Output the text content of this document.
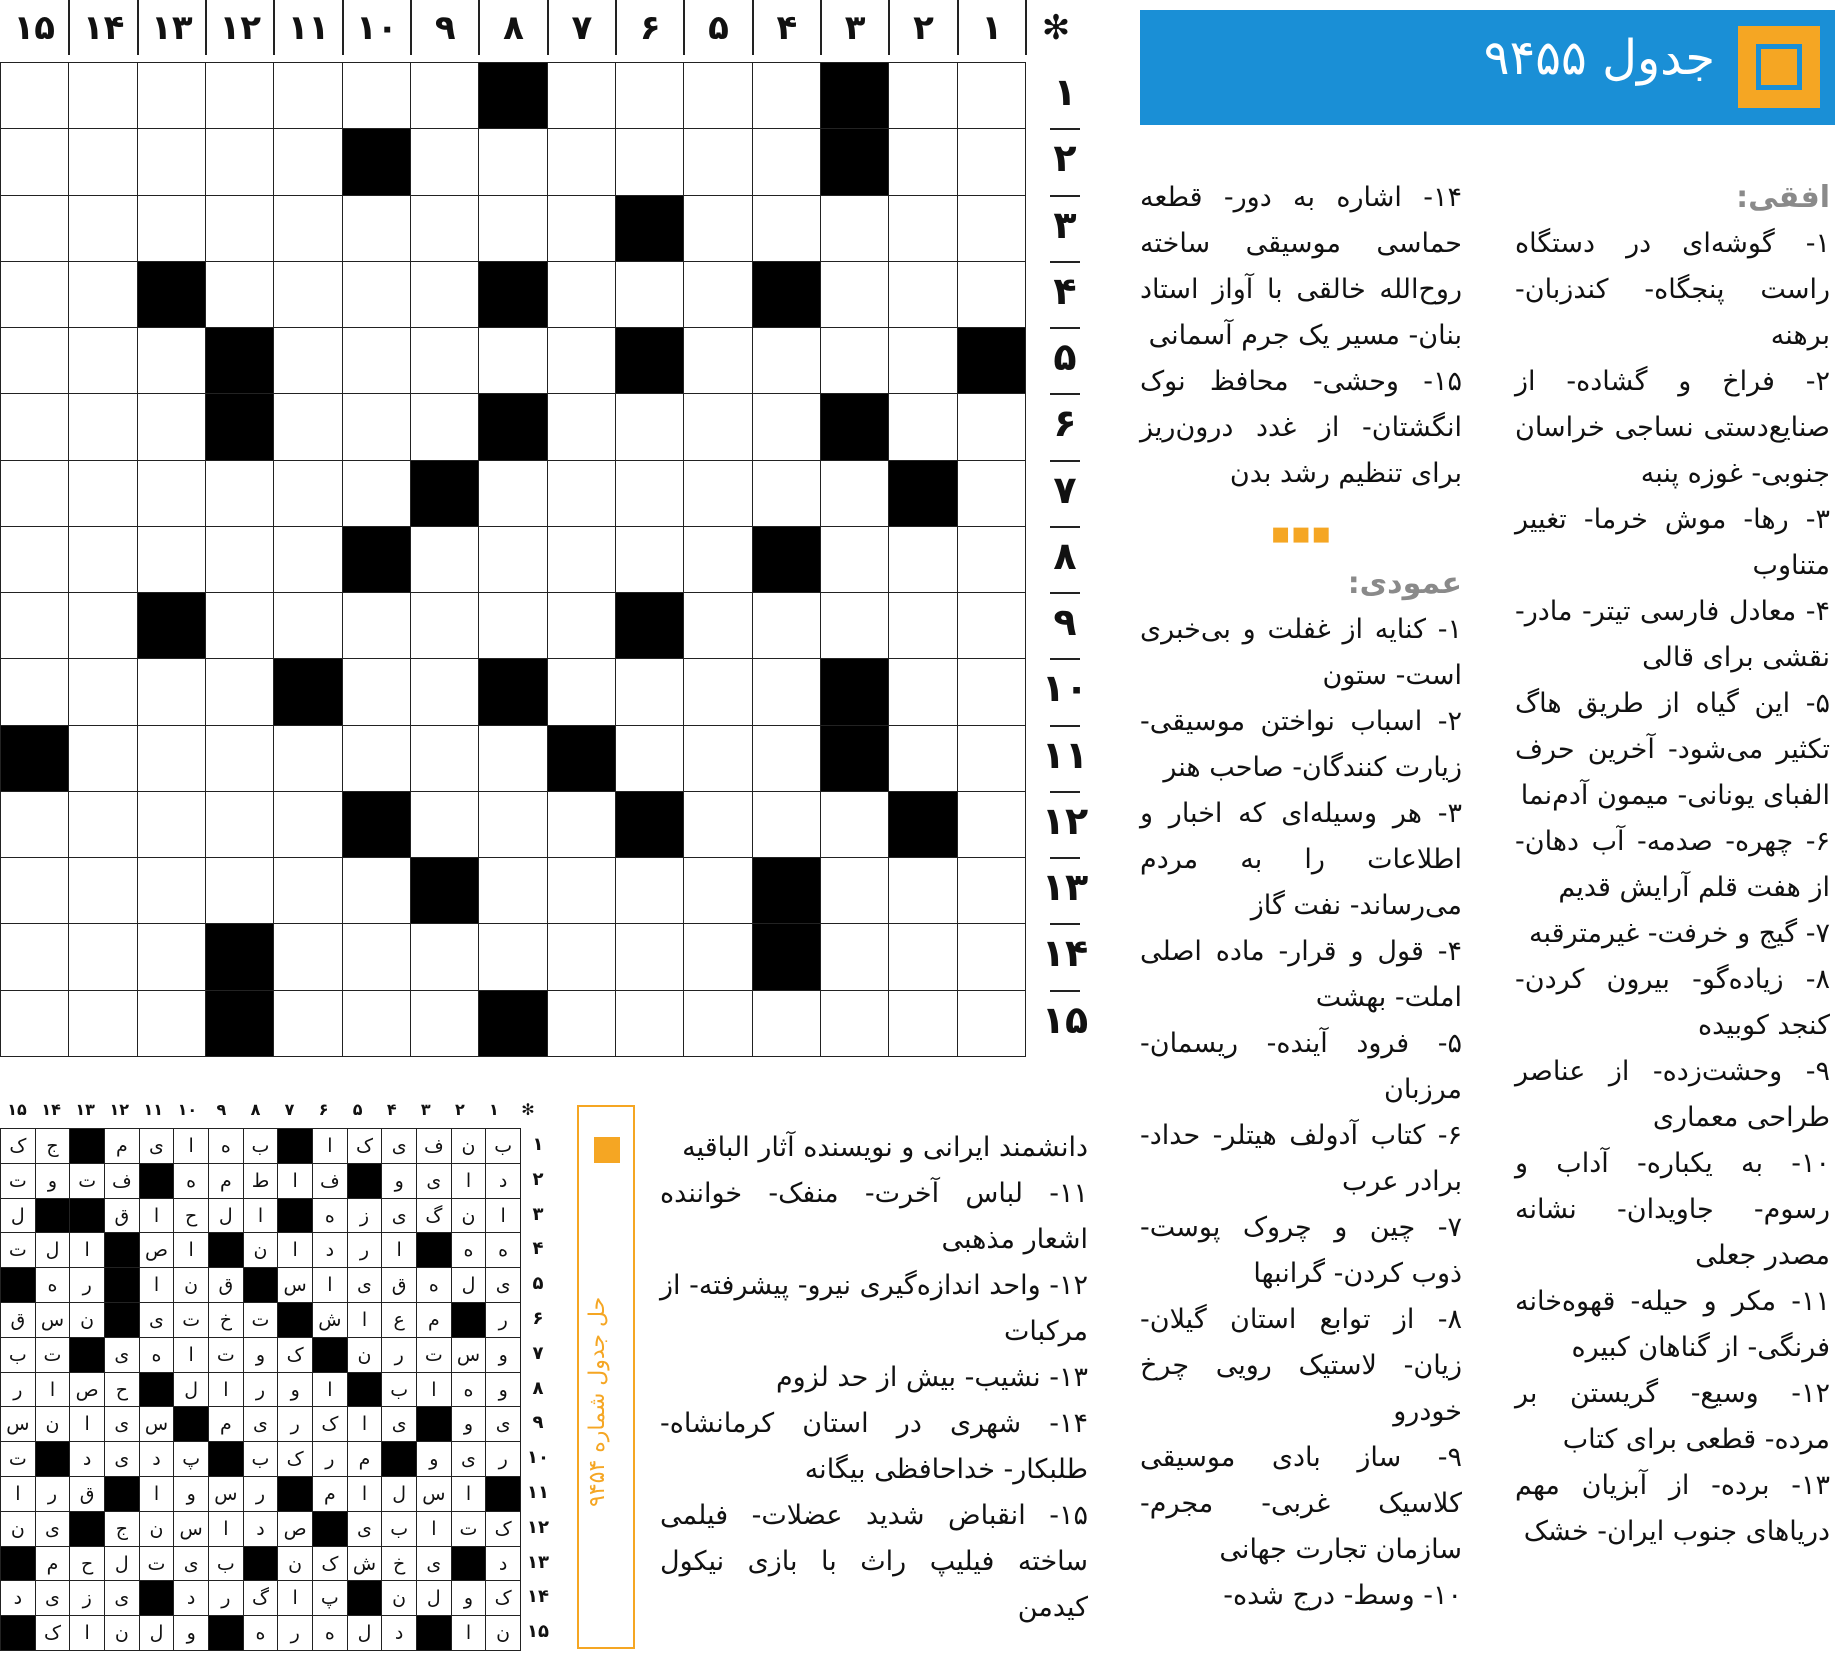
✻
۱
۲
۳
۴
۵
۶
۷
۸
۹
۱۰
۱۱
۱۲
۱۳
۱۴
۱۵
۱
۲
۳
۴
۵
۶
۷
۸
۹
۱۰
۱۱
۱۲
۱۳
۱۴
۱۵
جدول ۹۴۵۵
افقی:
۱- گوشه‌ای در دستگاه راست پنجگاه- کندزبان- برهنه
۲- فراخ و گشاده- از صنایع‌دستی نساجی خراسان جنوبی- غوزه پنبه
۳- رها- موش خرما- تغییر متناوب
۴- معادل فارسی تیتر- مادر- نقشی برای قالی
۵- این گیاه از طریق هاگ تکثیر می‌شود- آخرین حرف الفبای یونانی- میمون آدم‌نما
۶- چهره- صدمه- آب دهان- از هفت قلم آرایش قدیم
۷- گیج و خرفت- غیرمترقبه
۸- زیاده‌گو- بیرون کردن- کنجد کوبیده
۹- وحشت‌زده- از عناصر طراحی معماری
۱۰- به یکباره- آداب و رسوم- جاویدان- نشانه مصدر جعلی
۱۱- مکر و حیله- قهوه‌خانه فرنگی- از گناهان کبیره
۱۲- وسیع- گریستن بر مرده- قطعی برای کتاب
۱۳- برده- از آبزیان مهم دریاهای جنوب ایران- خشک
۱۴- اشاره به دور- قطعه حماسی موسیقی ساخته روح‌الله خالقی با آواز استاد بنان- مسیر یک جرم آسمانی
۱۵- وحشی- محافظ نوک انگشتان- از غدد درون‌ریز برای تنظیم رشد بدن
▪▪▪
عمودی:
۱- کنایه از غفلت و بی‌خبری است- ستون
۲- اسباب نواختن موسیقی- زیارت کنندگان- صاحب هنر
۳- هر وسیله‌ای که اخبار و اطلاعات را به مردم می‌رساند- نفت گاز
۴- قول و قرار- ماده اصلی املت- بهشت
۵- فرود آینده- ریسمان- مرزبان
۶- کتاب آدولف هیتلر- حداد- برادر عرب
۷- چین و چروک پوست- ذوب کردن- گرانبها
۸- از توابع استان گیلان- زیان- لاستیک رویی چرخ خودرو
۹- ساز بادی موسیقی کلاسیک غربی- مجرم- سازمان تجارت جهانی
۱۰- وسط- درج شده-
دانشمند ایرانی و نویسنده آثار الباقیه
۱۱- لباس آخرت- منفک- خواننده اشعار مذهبی
۱۲- واحد اندازه‌گیری نیرو- پیشرفته- از مرکبات
۱۳- نشیب- بیش از حد لزوم
۱۴- شهری در استان کرمانشاه- طلبکار- خداحافظی بیگانه
۱۵- انقباض شدید عضلات- فیلمی ساخته فیلیپ راث با بازی نیکول کیدمن
✻
۱
۲
۳
۴
۵
۶
۷
۸
۹
۱۰
۱۱
۱۲
۱۳
۱۴
۱۵
ب
ن
ف
ی
ک
ا
ب
ه
ا
ی
م
ج
ک
د
ا
ی
و
ف
ا
ط
م
ه
ف
ت
و
ت
ا
ن
گ
ی
ز
ه
ا
ل
ح
ا
ق
ل
ه
ه
ا
ر
د
ا
ن
ا
ص
ا
ل
ت
ی
ل
ه
ق
ی
ا
س
ق
ن
ا
ر
ه
ر
م
ع
ا
ش
ت
خ
ت
ی
ن
س
ق
و
س
ت
ر
ن
ک
و
ت
ا
ه
ی
ت
ب
و
ه
ا
ب
ا
و
ر
ا
ل
ح
ص
ا
ر
ی
و
ی
ا
ک
ر
ی
م
س
ی
ا
ن
س
ر
ی
و
م
ر
ک
ب
پ
د
ی
د
ت
ا
س
ل
ا
م
ر
س
و
ا
ق
ر
ا
ک
ت
ا
ب
ی
ص
د
ا
س
ن
ج
ی
ن
د
ی
خ
ش
ک
ن
ب
ی
ت
ل
ح
م
ک
و
ل
ن
پ
ا
گ
ر
د
ی
ز
ی
د
ن
ا
د
ل
ه
ر
ه
و
ل
ن
ا
ک
۱
۲
۳
۴
۵
۶
۷
۸
۹
۱۰
۱۱
۱۲
۱۳
۱۴
۱۵
حل جدول شماره ۹۴۵۴
